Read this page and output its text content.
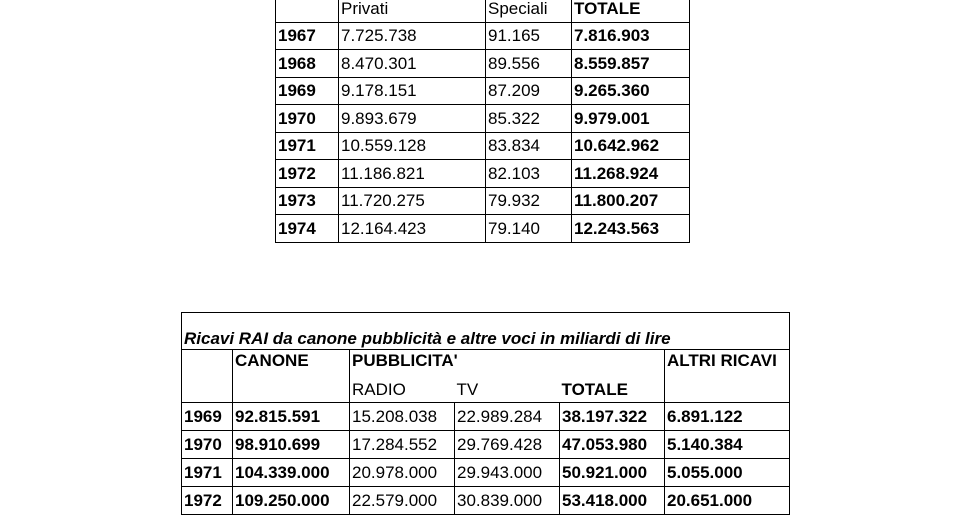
	Privati	Speciali	TOTALE
1967	7.725.738	91.165	7.816.903
1968	8.470.301	89.556	8.559.857
1969	9.178.151	87.209	9.265.360
1970	9.893.679	85.322	9.979.001
1971	10.559.128	83.834	10.642.962
1972	11.186.821	82.103	11.268.924
1973	11.720.275	79.932	11.800.207
1974	12.164.423	79.140	12.243.563
Ricavi RAI da canone pubblicità e altre voci in miliardi di lire					
	CANONE	PUBBLICITA'			ALTRI RICAVI
		RADIO	TV	TOTALE	
1969	92.815.591	15.208.038	22.989.284	38.197.322	6.891.122
1970	98.910.699	17.284.552	29.769.428	47.053.980	5.140.384
1971	104.339.000	20.978.000	29.943.000	50.921.000	5.055.000
1972	109.250.000	22.579.000	30.839.000	53.418.000	20.651.000
